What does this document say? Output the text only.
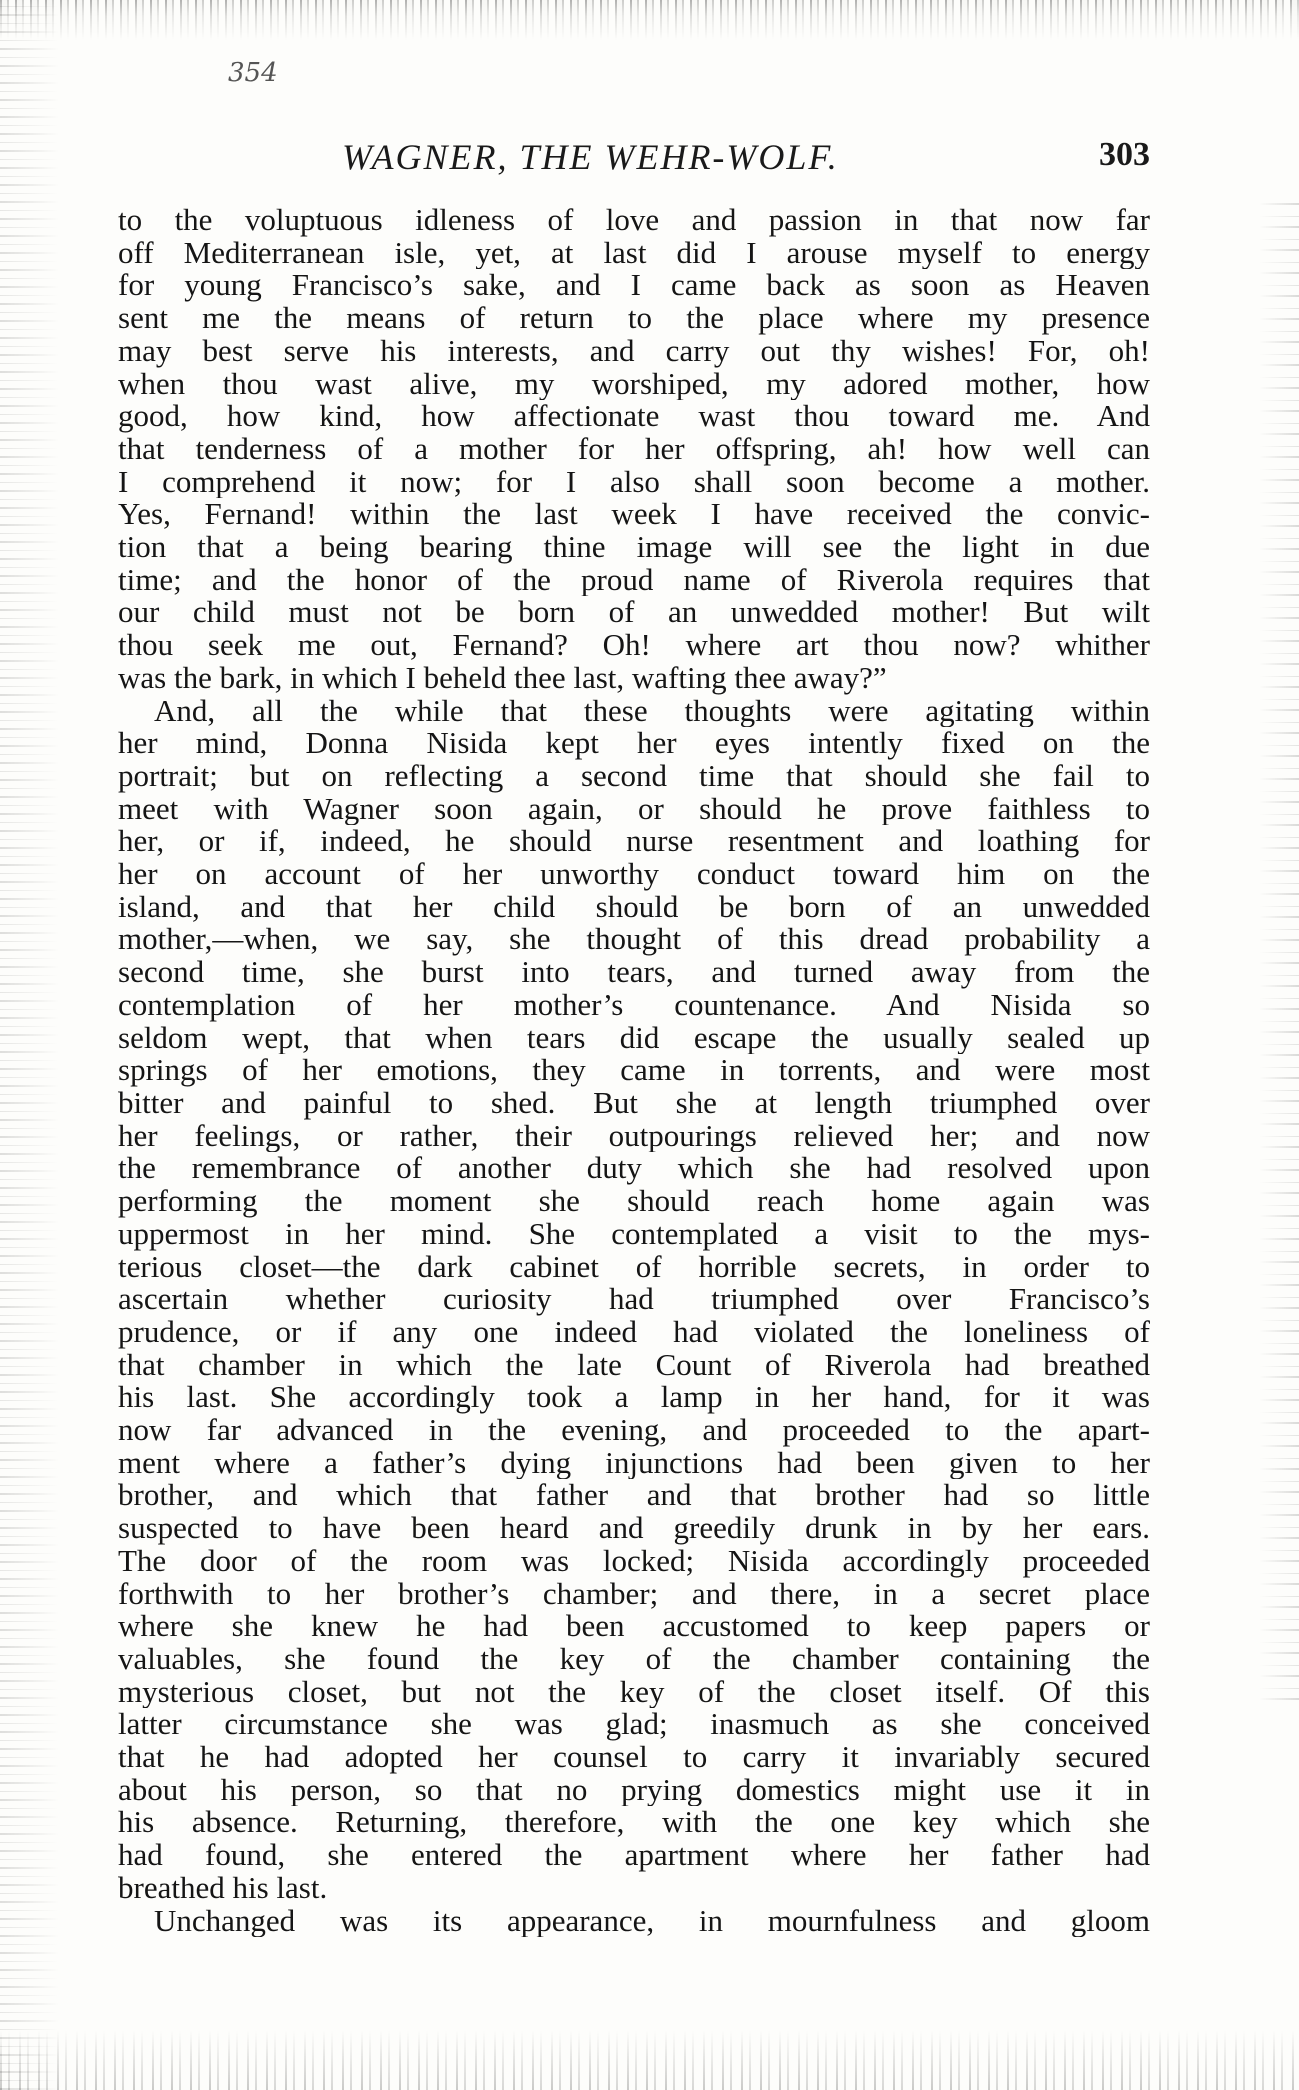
354
WAGNER, THE WEHR-WOLF.	303

to the voluptuous idleness of love and passion in that now far
off Mediterranean isle, yet, at last did I arouse myself to energy
for young Francisco’s sake, and I came back as soon as Heaven
sent me the means of return to the place where my presence
may best serve his interests, and carry out thy wishes! For, oh!
when thou wast alive, my worshiped, my adored mother, how
good, how kind, how affectionate wast thou toward me. And
that tenderness of a mother for her offspring, ah! how well can
I comprehend it now; for I also shall soon become a mother.
Yes, Fernand! within the last week I have received the convic-
tion that a being bearing thine image will see the light in due
time; and the honor of the proud name of Riverola requires that
our child must not be born of an unwedded mother! But wilt
thou seek me out, Fernand? Oh! where art thou now? whither
was the bark, in which I beheld thee last, wafting thee away?”

And, all the while that these thoughts were agitating within
her mind, Donna Nisida kept her eyes intently fixed on the
portrait; but on reflecting a second time that should she fail to
meet with Wagner soon again, or should he prove faithless to
her, or if, indeed, he should nurse resentment and loathing for
her on account of her unworthy conduct toward him on the
island, and that her child should be born of an unwedded
mother,—when, we say, she thought of this dread probability a
second time, she burst into tears, and turned away from the
contemplation of her mother’s countenance. And Nisida so
seldom wept, that when tears did escape the usually sealed up
springs of her emotions, they came in torrents, and were most
bitter and painful to shed. But she at length triumphed over
her feelings, or rather, their outpourings relieved her; and now
the remembrance of another duty which she had resolved upon
performing the moment she should reach home again was
uppermost in her mind. She contemplated a visit to the mys-
terious closet—the dark cabinet of horrible secrets, in order to
ascertain whether curiosity had triumphed over Francisco’s
prudence, or if any one indeed had violated the loneliness of
that chamber in which the late Count of Riverola had breathed
his last. She accordingly took a lamp in her hand, for it was
now far advanced in the evening, and proceeded to the apart-
ment where a father’s dying injunctions had been given to her
brother, and which that father and that brother had so little
suspected to have been heard and greedily drunk in by her ears.
The door of the room was locked; Nisida accordingly proceeded
forthwith to her brother’s chamber; and there, in a secret place
where she knew he had been accustomed to keep papers or
valuables, she found the key of the chamber containing the
mysterious closet, but not the key of the closet itself. Of this
latter circumstance she was glad; inasmuch as she conceived
that he had adopted her counsel to carry it invariably secured
about his person, so that no prying domestics might use it in
his absence. Returning, therefore, with the one key which she
had found, she entered the apartment where her father had
breathed his last.

Unchanged was its appearance, in mournfulness and gloom
